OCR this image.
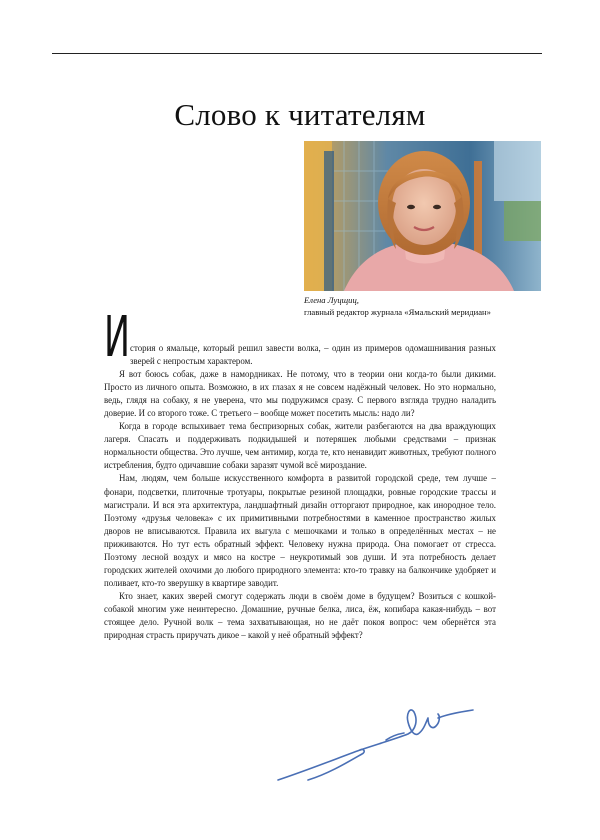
Слово к читателям
Елена Луцщиц,
главный редактор журнала «Ямальский меридиан»
И стория о ямальце, который решил завести волка, – один из примеров одомашнивания разных зверей с непростым характером.

Я вот боюсь собак, даже в намордниках. Не потому, что в теории они когда-то были дикими. Просто из личного опыта. Возможно, в их глазах я не совсем надёжный человек. Но это нормально, ведь, глядя на собаку, я не уверена, что мы подружимся сразу. С первого взгляда трудно наладить доверие. И со второго тоже. С третьего – вообще может посетить мысль: надо ли?

Когда в городе вспыхивает тема беспризорных собак, жители разбегаются на два враждующих лагеря. Спасать и поддерживать подкидышей и потеряшек любыми средствами – признак нормальности общества. Это лучше, чем антимир, когда те, кто ненавидит животных, требуют полного истребления, будто одичавшие собаки заразят чумой всё мироздание.

Нам, людям, чем больше искусственного комфорта в развитой городской среде, тем лучше – фонари, подсветки, плиточные тротуары, покрытые резиной площадки, ровные городские трассы и магистрали. И вся эта архитектура, ландшафтный дизайн отторгают природное, как инородное тело. Поэтому «друзья человека» с их примитивными потребностями в каменное пространство жилых дворов не вписываются. Правила их выгула с мешочками и только в определённых местах – не приживаются. Но тут есть обратный эффект. Человеку нужна природа. Она помогает от стресса. Поэтому лесной воздух и мясо на костре – неукротимый зов души. И эта потребность делает городских жителей охочими до любого природного элемента: кто-то травку на балкончике удобряет и поливает, кто-то зверушку в квартире заводит.

Кто знает, каких зверей смогут содержать люди в своём доме в будущем? Возиться с кошкой-собакой многим уже неинтересно. Домашние, ручные белка, лиса, ёж, копибара какая-нибудь – вот стоящее дело. Ручной волк – тема захватывающая, но не даёт покоя вопрос: чем обернётся эта природная страсть приручать дикое – какой у неё обратный эффект?
